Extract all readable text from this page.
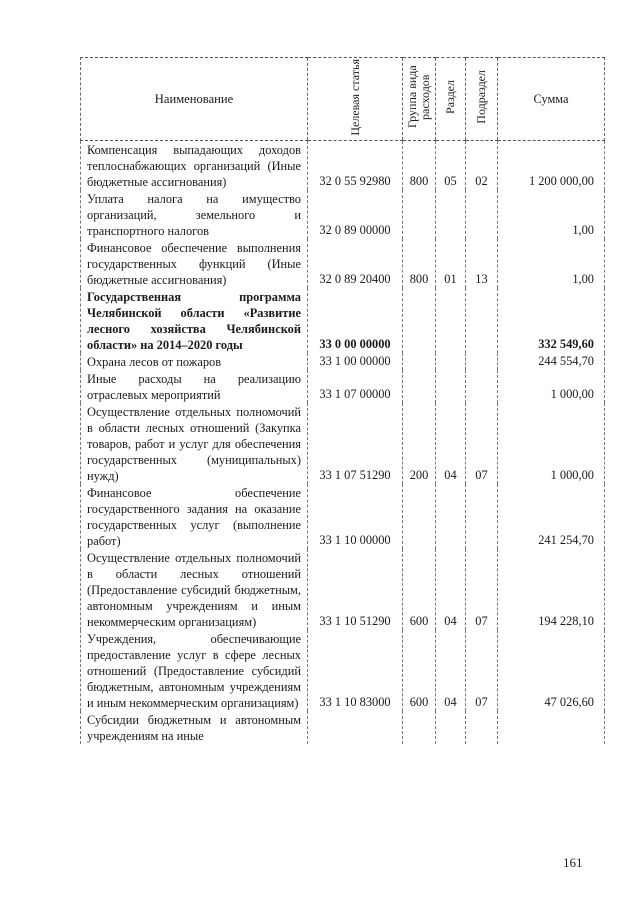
Наименование	Целевая статья	Группа вида расходов	Раздел	Подраздел	Сумма
Компенсация выпадающих доходов теплоснабжающих организаций (Иные бюджетные ассигнования)	32 0 55 92980	800	05	02	1 200 000,00
Уплата налога на имущество организаций, земельного и транспортного налогов	32 0 89 00000				1,00
Финансовое обеспечение выполнения государственных функций (Иные бюджетные ассигнования)	32 0 89 20400	800	01	13	1,00
Государственная программа Челябинской области «Развитие лесного хозяйства Челябинской области» на 2014–2020 годы	33 0 00 00000				332 549,60
Охрана лесов от пожаров	33 1 00 00000				244 554,70
Иные расходы на реализацию отраслевых мероприятий	33 1 07 00000				1 000,00
Осуществление отдельных полномочий в области лесных отношений (Закупка товаров, работ и услуг для обеспечения государственных (муниципальных) нужд)	33 1 07 51290	200	04	07	1 000,00
Финансовое обеспечение государственного задания на оказание государственных услуг (выполнение работ)	33 1 10 00000				241 254,70
Осуществление отдельных полномочий в области лесных отношений (Предоставление субсидий бюджетным, автономным учреждениям и иным некоммерческим организациям)	33 1 10 51290	600	04	07	194 228,10
Учреждения, обеспечивающие предоставление услуг в сфере лесных отношений (Предоставление субсидий бюджетным, автономным учреждениям и иным некоммерческим организациям)	33 1 10 83000	600	04	07	47 026,60
Субсидии бюджетным и автономным учреждениям на иные					
161
